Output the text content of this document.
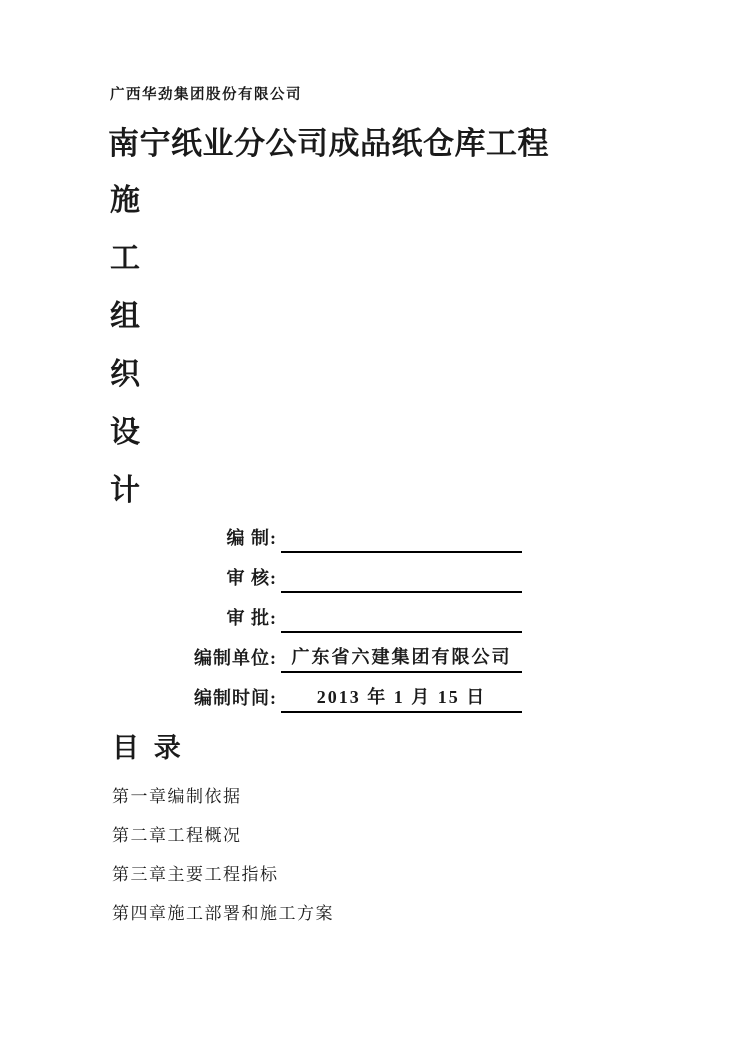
广西华劲集团股份有限公司
南宁纸业分公司成品纸仓库工程
施
工
组
织
设
计
编 制:
审 核:
审 批:
编制单位: 广东省六建集团有限公司
编制时间:	2013 年 1 月 15 日
目 录
第一章编制依据
第二章工程概况
第三章主要工程指标
第四章施工部署和施工方案
